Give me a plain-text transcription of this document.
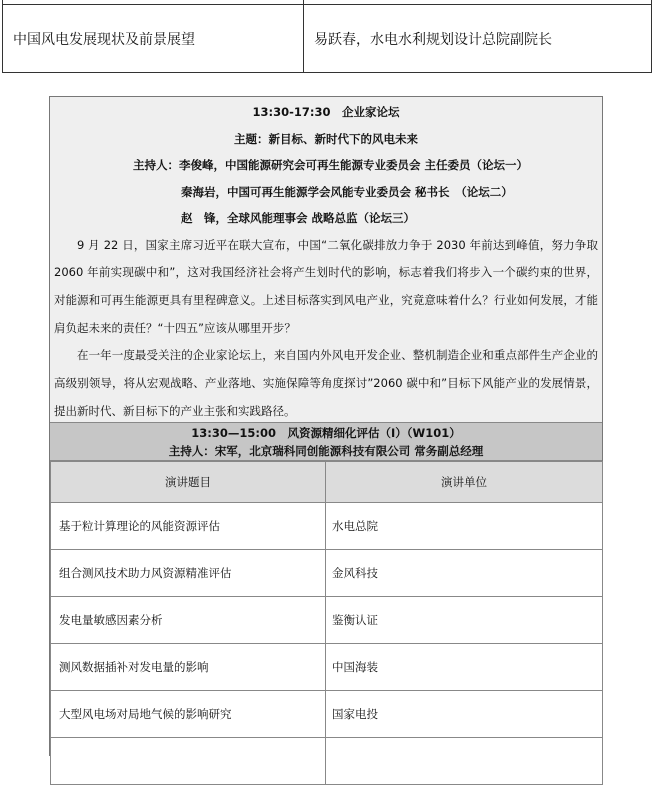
中国风电发展现状及前景展望	易跃春，水电水利规划设计总院副院长
13:30-17:30　企业家论坛
主题：新目标、新时代下的风电未来
主持人：李俊峰，中国能源研究会可再生能源专业委员会 主任委员（论坛一）
秦海岩，中国可再生能源学会风能专业委员会 秘书长　（论坛二）
赵　锋，全球风能理事会 战略总监（论坛三）

9 月 22 日，国家主席习近平在联大宣布，中国“二氧化碳排放力争于 2030 年前达到峰值，努力争取 2060 年前实现碳中和”，这对我国经济社会将产生划时代的影响，标志着我们将步入一个碳约束的世界，对能源和可再生能源更具有里程碑意义。上述目标落实到风电产业，究竟意味着什么？行业如何发展，才能肩负起未来的责任？“十四五”应该从哪里开步？

在一年一度最受关注的企业家论坛上，来自国内外风电开发企业、整机制造企业和重点部件生产企业的高级别领导，将从宏观战略、产业落地、实施保障等角度探讨”2060 碳中和”目标下风能产业的发展情景，提出新时代、新目标下的产业主张和实践路径。

13:30—15:00　风资源精细化评估（I）（W101）
主持人：宋军，北京瑞科同创能源科技有限公司 常务副总经理
演讲题目	演讲单位
基于粒计算理论的风能资源评估	水电总院
组合测风技术助力风资源精准评估	金风科技
发电量敏感因素分析	鉴衡认证
测风数据插补对发电量的影响	中国海装
大型风电场对局地气候的影响研究	国家电投
